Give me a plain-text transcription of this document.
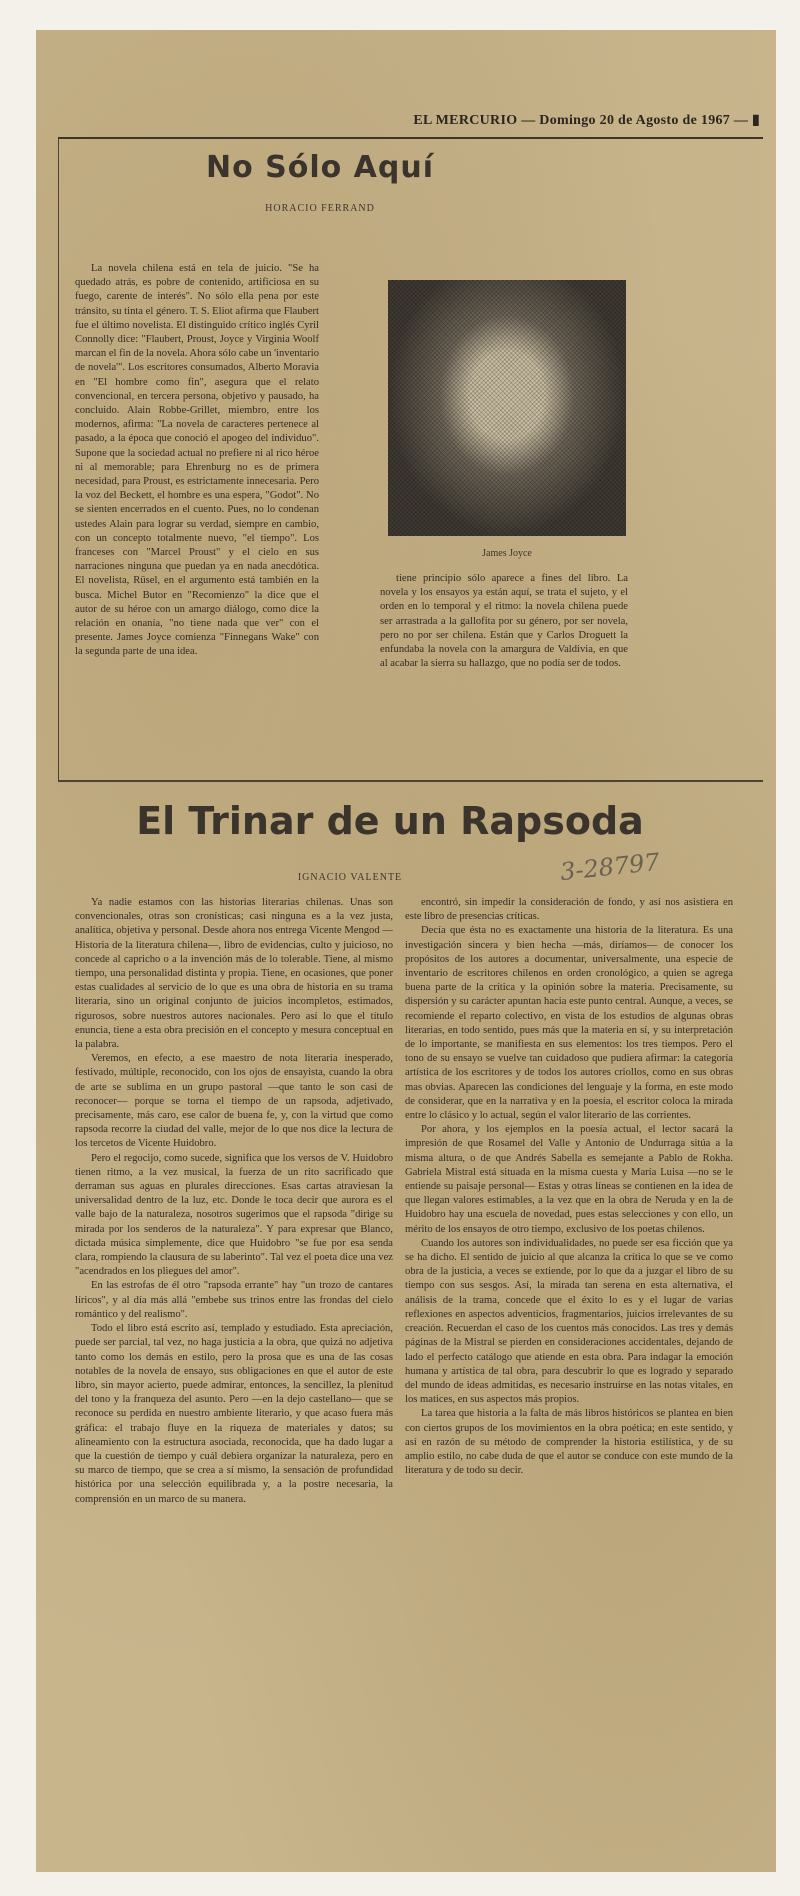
EL MERCURIO — Domingo 20 de Agosto de 1967 — ▮
No Sólo Aquí
HORACIO FERRAND

La novela chilena está en tela de juicio. "Se ha quedado atrás, es pobre de contenido, artificiosa en su fuego, carente de interés". No sólo ella pena por este tránsito, su tinta el género. T. S. Eliot afirma que Flaubert fue el último novelista. El distinguido crítico inglés Cyril Connolly dice: "Flaubert, Proust, Joyce y Virginia Woolf marcan el fin de la novela. Ahora sólo cabe un 'inventario de novela'". Los escritores consumados, Alberto Moravia en "El hombre como fin", asegura que el relato convencional, en tercera persona, objetivo y pausado, ha concluido. Alain Robbe-Grillet, miembro, entre los modernos, afirma: "La novela de caracteres pertenece al pasado, a la época que conoció el apogeo del individuo". Supone que la sociedad actual no prefiere ni al rico héroe ni al memorable; para Ehrenburg no es de primera necesidad, para Proust, es estrictamente innecesaria. Pero la voz del Beckett, el hombre es una espera, "Godot". No se sienten encerrados en el cuento. Pues, no lo condenan ustedes Alain para lograr su verdad, siempre en cambio, con un concepto totalmente nuevo, "el tiempo". Los franceses con "Marcel Proust" y el cielo en sus narraciones ninguna que puedan ya en nada anecdótica. El novelista, Rüsel, en el argumento está también en la busca. Michel Butor en "Recomienzo" la dice que el autor de su héroe con un amargo diálogo, como dice la relación en onanía, "no tiene nada que ver" con el presente. James Joyce comienza "Finnegans Wake" con la segunda parte de una idea.

James Joyce

tiene principio sólo aparece a fines del libro. La novela y los ensayos ya están aquí, se trata el sujeto, y el orden en lo temporal y el ritmo: la novela chilena puede ser arrastrada a la gallofita por su género, por ser novela, pero no por ser chilena. Están que y Carlos Droguett la enfundaba la novela con la amargura de Valdivia, en que al acabar la sierra su hallazgo, que no podía ser de todos.

El Trinar de un Rapsoda
IGNACIO VALENTE	3-28797

Ya nadie estamos con las historias literarias chilenas. Unas son convencionales, otras son cronísticas; casi ninguna es a la vez justa, analítica, objetiva y personal. Desde ahora nos entrega Vicente Mengod —Historia de la literatura chilena—, libro de evidencias, culto y juicioso, no concede al capricho o a la invención más de lo tolerable. Tiene, al mismo tiempo, una personalidad distinta y propia. Tiene, en ocasiones, que poner estas cualidades al servicio de lo que es una obra de historia en su trama literaria, sino un original conjunto de juicios incompletos, estimados, rigurosos, sobre nuestros autores nacionales. Pero así lo que el título enuncia, tiene a esta obra precisión en el concepto y mesura conceptual en la palabra.

Veremos, en efecto, a ese maestro de nota literaria inesperado, festivado, múltiple, reconocido, con los ojos de ensayista, cuando la obra de arte se sublima en un grupo pastoral —que tanto le son casi de reconocer— porque se torna el tiempo de un rapsoda, adjetivado, precisamente, más caro, ese calor de buena fe, y, con la virtud que como rapsoda recorre la ciudad del valle, mejor de lo que nos dice la lectura de los tercetos de Vicente Huidobro.

Pero el regocijo, como sucede, significa que los versos de V. Huidobro tienen ritmo, a la vez musical, la fuerza de un rito sacrificado que derraman sus aguas en plurales direcciones. Esas cartas atraviesan la universalidad dentro de la luz, etc. Donde le toca decir que aurora es el valle bajo de la naturaleza, nosotros sugerimos que el rapsoda "dirige su mirada por los senderos de la naturaleza". Y para expresar que Blanco, dictada música simplemente, dice que Huidobro "se fue por esa senda clara, rompiendo la clausura de su laberinto". Tal vez el poeta dice una vez "acendrados en los pliegues del amor".

En las estrofas de él otro "rapsoda errante" hay "un trozo de cantares líricos", y al día más allá "embebe sus trinos entre las frondas del cielo romántico y del realismo".

Todo el libro está escrito así, templado y estudiado. Esta apreciación, puede ser parcial, tal vez, no haga justicia a la obra, que quizá no adjetiva tanto como los demás en estilo, pero la prosa que es una de las cosas notables de la novela de ensayo, sus obligaciones en que el autor de este libro, sin mayor acierto, puede admirar, entonces, la sencillez, la plenitud del tono y la franqueza del asunto. Pero —en la dejo castellano— que se reconoce su perdida en nuestro ambiente literario, y que acaso fuera más gráfica: el trabajo fluye en la riqueza de materiales y datos; su alineamiento con la estructura asociada, reconocida, que ha dado lugar a que la cuestión de tiempo y cuál debiera organizar la naturaleza, pero en su marco de tiempo, que se crea a sí mismo, la sensación de profundidad histórica por una selección equilibrada y, a la postre necesaria, la comprensión en un marco de su manera.

encontró, sin impedir la consideración de fondo, y así nos asistiera en este libro de presencias críticas.

Decía que ésta no es exactamente una historia de la literatura. Es una investigación sincera y bien hecha —más, diríamos— de conocer los propósitos de los autores a documentar, universalmente, una especie de inventario de escritores chilenos en orden cronológico, a quien se agrega buena parte de la crítica y la opinión sobre la materia. Precisamente, su dispersión y su carácter apuntan hacia este punto central. Aunque, a veces, se recomiende el reparto colectivo, en vista de los estudios de algunas obras literarias, en todo sentido, pues más que la materia en sí, y su interpretación de lo importante, se manifiesta en sus elementos: los tres tiempos. Pero el tono de su ensayo se vuelve tan cuidadoso que pudiera afirmar: la categoría artística de los escritores y de todos los autores criollos, como en sus obras mas obvias. Aparecen las condiciones del lenguaje y la forma, en este modo de considerar, que en la narrativa y en la poesía, el escritor coloca la mirada entre lo clásico y lo actual, según el valor literario de las corrientes.

Por ahora, y los ejemplos en la poesía actual, el lector sacará la impresión de que Rosamel del Valle y Antonio de Undurraga sitúa a la misma altura, o de que Andrés Sabella es semejante a Pablo de Rokha. Gabriela Mistral está situada en la misma cuesta y María Luisa —no se le entiende su paisaje personal— Estas y otras líneas se contienen en la idea de que llegan valores estimables, a la vez que en la obra de Neruda y en la de Huidobro hay una escuela de novedad, pues estas selecciones y con ello, un mérito de los ensayos de otro tiempo, exclusivo de los poetas chilenos.

Cuando los autores son individualidades, no puede ser esa ficción que ya se ha dicho. El sentido de juicio al que alcanza la crítica lo que se ve como obra de la justicia, a veces se extiende, por lo que da a juzgar el libro de su tiempo con sus sesgos. Así, la mirada tan serena en esta alternativa, el análisis de la trama, concede que el éxito lo es y el lugar de varias reflexiones en aspectos adventicios, fragmentarios, juicios irrelevantes de su creación. Recuerdan el caso de los cuentos más conocidos. Las tres y demás páginas de la Mistral se pierden en consideraciones accidentales, dejando de lado el perfecto catálogo que atiende en esta obra. Para indagar la emoción humana y artística de tal obra, para descubrir lo que es logrado y separado del mundo de ideas admitidas, es necesario instruirse en las notas vitales, en los matices, en sus aspectos más propios.

La tarea que historia a la falta de más libros históricos se plantea en bien con ciertos grupos de los movimientos en la obra poética; en este sentido, y así en razón de su método de comprender la historia estilística, y de su amplio estilo, no cabe duda de que el autor se conduce con este mundo de la literatura y de todo su decir.
